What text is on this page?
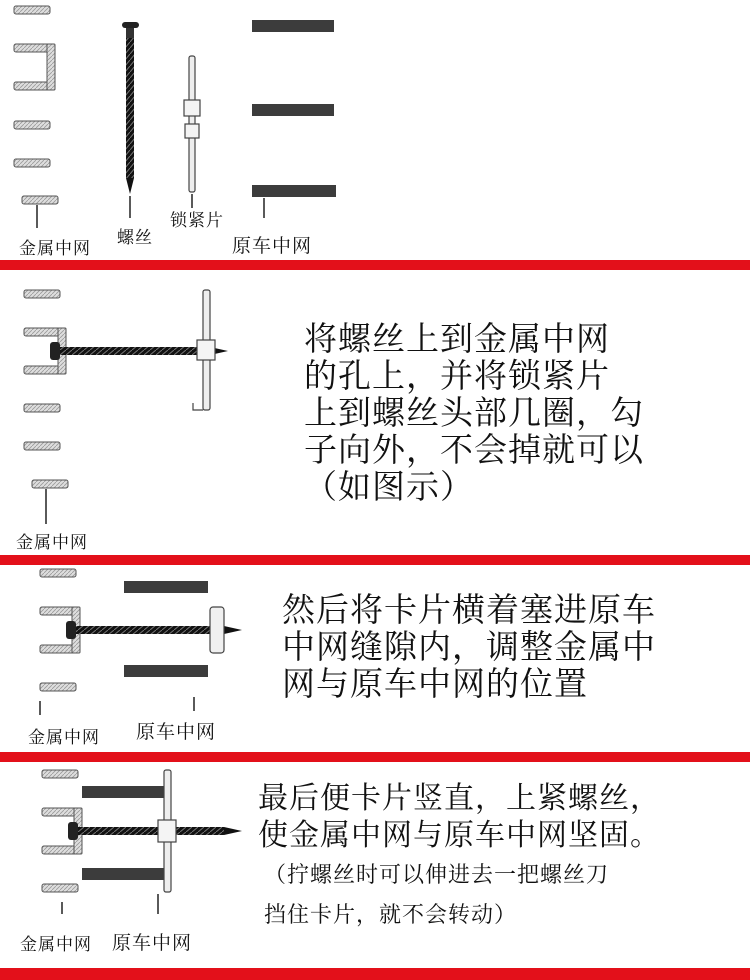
金属中网
螺丝
锁紧片
原车中网
金属中网
将螺丝上到金属中网
的孔上，并将锁紧片
上到螺丝头部几圈，勾
子向外，不会掉就可以
（如图示）
金属中网 原车中网
然后将卡片横着塞进原车
中网缝隙内，调整金属中
网与原车中网的位置
金属中网 原车中网
最后便卡片竖直，上紧螺丝，
使金属中网与原车中网坚固。
（拧螺丝时可以伸进去一把螺丝刀
挡住卡片，就不会转动）
